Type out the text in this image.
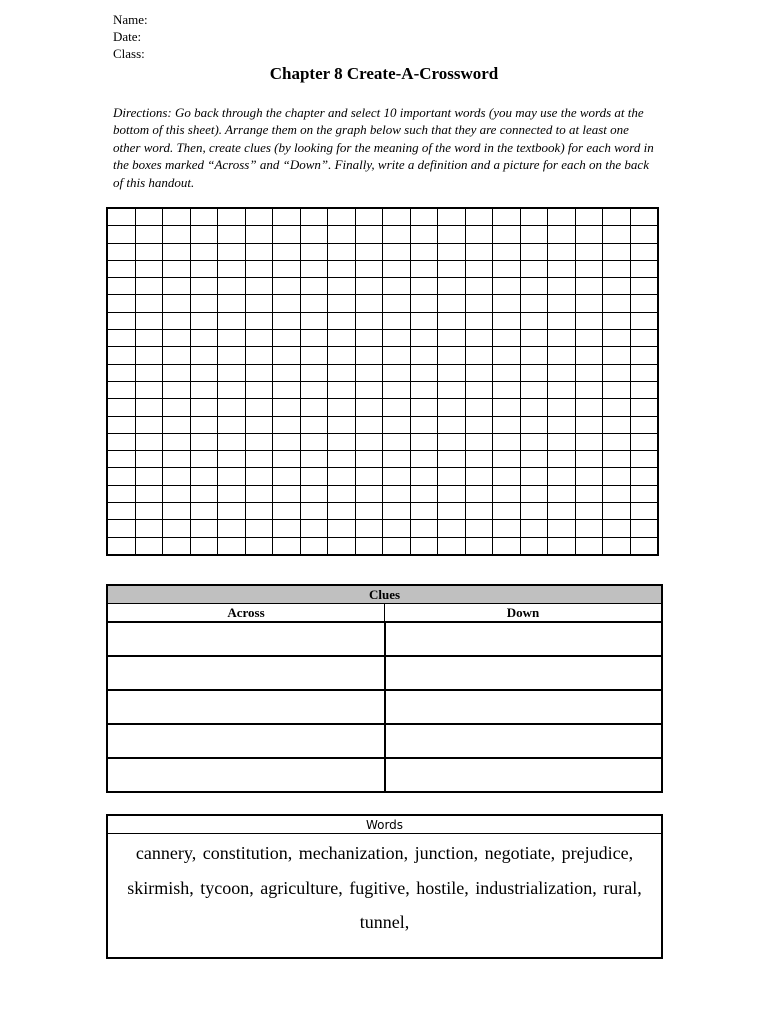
Name:
Date:
Class:
Chapter 8 Create-A-Crossword
Directions: Go back through the chapter and select 10 important words (you may use the words at the bottom of this sheet). Arrange them on the graph below such that they are connected to at least one other word. Then, create clues (by looking for the meaning of the word in the textbook) for each word in the boxes marked “Across” and “Down”. Finally, write a definition and a picture for each on the back of this handout.

Clues	
Across	Down

Words
cannery, constitution, mechanization, junction, negotiate, prejudice, skirmish, tycoon, agriculture, fugitive, hostile, industrialization, rural, tunnel,
